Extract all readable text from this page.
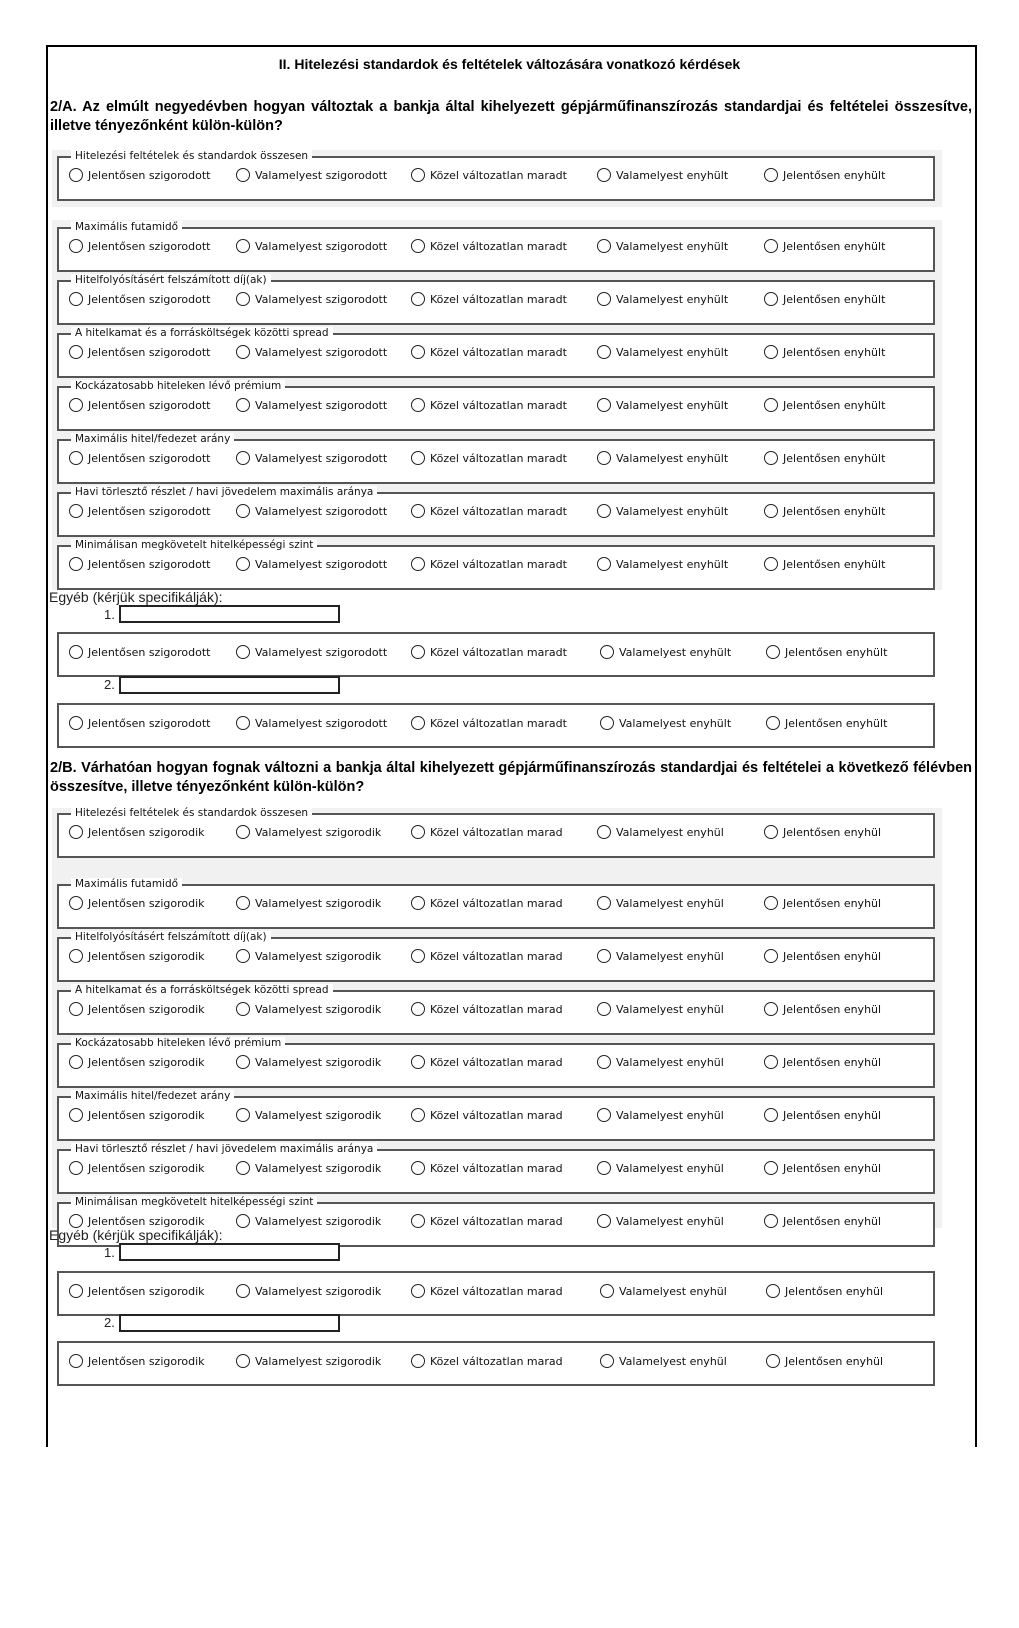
II. Hitelezési standardok és feltételek változására vonatkozó kérdések
2/A. Az elmúlt negyedévben hogyan változtak a bankja által kihelyezett gépjárműfinanszírozás standardjai és feltételei összesítve, illetve tényezőnként külön-külön?
Hitelezési feltételek és standardok összesen
Jelentősen szigorodott	Valamelyest szigorodott	Közel változatlan maradt	Valamelyest enyhült	Jelentősen enyhült
Maximális futamidő
Jelentősen szigorodott	Valamelyest szigorodott	Közel változatlan maradt	Valamelyest enyhült	Jelentősen enyhült
Hitelfolyósításért felszámított díj(ak)
Jelentősen szigorodott	Valamelyest szigorodott	Közel változatlan maradt	Valamelyest enyhült	Jelentősen enyhült
A hitelkamat és a forrásköltségek közötti spread
Jelentősen szigorodott	Valamelyest szigorodott	Közel változatlan maradt	Valamelyest enyhült	Jelentősen enyhült
Kockázatosabb hiteleken lévő prémium
Jelentősen szigorodott	Valamelyest szigorodott	Közel változatlan maradt	Valamelyest enyhült	Jelentősen enyhült
Maximális hitel/fedezet arány
Jelentősen szigorodott	Valamelyest szigorodott	Közel változatlan maradt	Valamelyest enyhült	Jelentősen enyhült
Havi törlesztő részlet / havi jövedelem maximális aránya
Jelentősen szigorodott	Valamelyest szigorodott	Közel változatlan maradt	Valamelyest enyhült	Jelentősen enyhült
Minimálisan megkövetelt hitelképességi szint
Jelentősen szigorodott	Valamelyest szigorodott	Közel változatlan maradt	Valamelyest enyhült	Jelentősen enyhült
Egyéb (kérjük specifikálják):
1.
Jelentősen szigorodott	Valamelyest szigorodott	Közel változatlan maradt	Valamelyest enyhült	Jelentősen enyhült
2.
Jelentősen szigorodott	Valamelyest szigorodott	Közel változatlan maradt	Valamelyest enyhült	Jelentősen enyhült
2/B. Várhatóan hogyan fognak változni a bankja által kihelyezett gépjárműfinanszírozás standardjai és feltételei a következő félévben összesítve, illetve tényezőnként külön-külön?
Hitelezési feltételek és standardok összesen
Jelentősen szigorodik	Valamelyest szigorodik	Közel változatlan marad	Valamelyest enyhül	Jelentősen enyhül
Maximális futamidő
Jelentősen szigorodik	Valamelyest szigorodik	Közel változatlan marad	Valamelyest enyhül	Jelentősen enyhül
Hitelfolyósításért felszámított díj(ak)
Jelentősen szigorodik	Valamelyest szigorodik	Közel változatlan marad	Valamelyest enyhül	Jelentősen enyhül
A hitelkamat és a forrásköltségek közötti spread
Jelentősen szigorodik	Valamelyest szigorodik	Közel változatlan marad	Valamelyest enyhül	Jelentősen enyhül
Kockázatosabb hiteleken lévő prémium
Jelentősen szigorodik	Valamelyest szigorodik	Közel változatlan marad	Valamelyest enyhül	Jelentősen enyhül
Maximális hitel/fedezet arány
Jelentősen szigorodik	Valamelyest szigorodik	Közel változatlan marad	Valamelyest enyhül	Jelentősen enyhül
Havi törlesztő részlet / havi jövedelem maximális aránya
Jelentősen szigorodik	Valamelyest szigorodik	Közel változatlan marad	Valamelyest enyhül	Jelentősen enyhül
Minimálisan megkövetelt hitelképességi szint
Jelentősen szigorodik	Valamelyest szigorodik	Közel változatlan marad	Valamelyest enyhül	Jelentősen enyhül
Egyéb (kérjük specifikálják):
1.
Jelentősen szigorodik	Valamelyest szigorodik	Közel változatlan marad	Valamelyest enyhül	Jelentősen enyhül
2.
Jelentősen szigorodik	Valamelyest szigorodik	Közel változatlan marad	Valamelyest enyhül	Jelentősen enyhül
